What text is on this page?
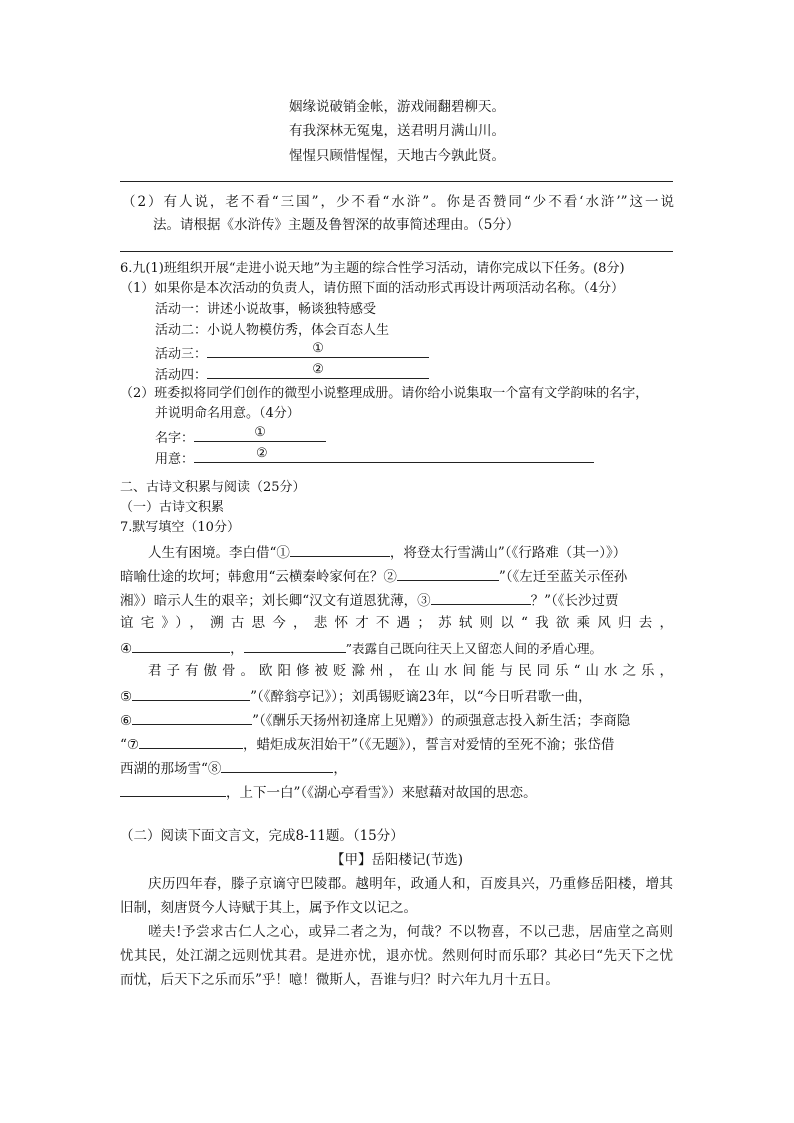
姻缘说破销金帐，游戏闹翻碧柳天。
有我深林无冤鬼，送君明月满山川。
惺惺只顾惜惺惺，天地古今孰此贤。
（2）有人说，老不看“三国”，少不看“水浒”。你是否赞同“少不看‘水浒’”这一说
法。请根据《水浒传》主题及鲁智深的故事简述理由。（5分）
6.九(1)班组织开展“走进小说天地”为主题的综合性学习活动，请你完成以下任务。(8分)
（1）如果你是本次活动的负责人，请仿照下面的活动形式再设计两项活动名称。（4分）
活动一：讲述小说故事，畅谈独特感受
活动二：小说人物模仿秀，体会百态人生
活动三：	①
活动四：	②
（2）班委拟将同学们创作的微型小说整理成册。请你给小说集取一个富有文学韵味的名字，
并说明命名用意。（4分）
名字：	①
用意：	②
二、古诗文积累与阅读（25分）
（一）古诗文积累
7.默写填空（10分）
人生有困境。李白借“①	，将登太行雪满山”（《行路难（其一）》）
暗喻仕途的坎坷；韩愈用“云横秦岭家何在？②	”（《左迁至蓝关示侄孙
湘》）暗示人生的艰辛；刘长卿“汉文有道恩犹薄，③	？”（《长沙过贾
谊宅》），溯古思今，悲怀才不遇；苏轼则以“我欲乘风归去，
④	，	”表露自己既向往天上又留恋人间的矛盾心理。
君子有傲骨。欧阳修被贬滁州，在山水间能与民同乐“山水之乐，
⑤	”（《醉翁亭记》）；刘禹锡贬谪23年，以“今日听君歌一曲，
⑥	”（《酬乐天扬州初逢席上见赠》）的顽强意志投入新生活；李商隐
“⑦	，蜡炬成灰泪始干”（《无题》），誓言对爱情的至死不渝；张岱借
西湖的那场雪“⑧	，
，上下一白”（《湖心亭看雪》）来慰藉对故国的思恋。
（二）阅读下面文言文，完成8-11题。（15分）
【甲】岳阳楼记(节选)
庆历四年春，滕子京谪守巴陵郡。越明年，政通人和，百废具兴，乃重修岳阳楼，增其
旧制，刻唐贤今人诗赋于其上，属予作文以记之。
嗟夫!予尝求古仁人之心，或异二者之为，何哉？不以物喜，不以己悲，居庙堂之高则
忧其民，处江湖之远则忧其君。是进亦忧，退亦忧。然则何时而乐耶？其必曰“先天下之忧
而忧，后天下之乐而乐”乎！噫！微斯人，吾谁与归？时六年九月十五日。
